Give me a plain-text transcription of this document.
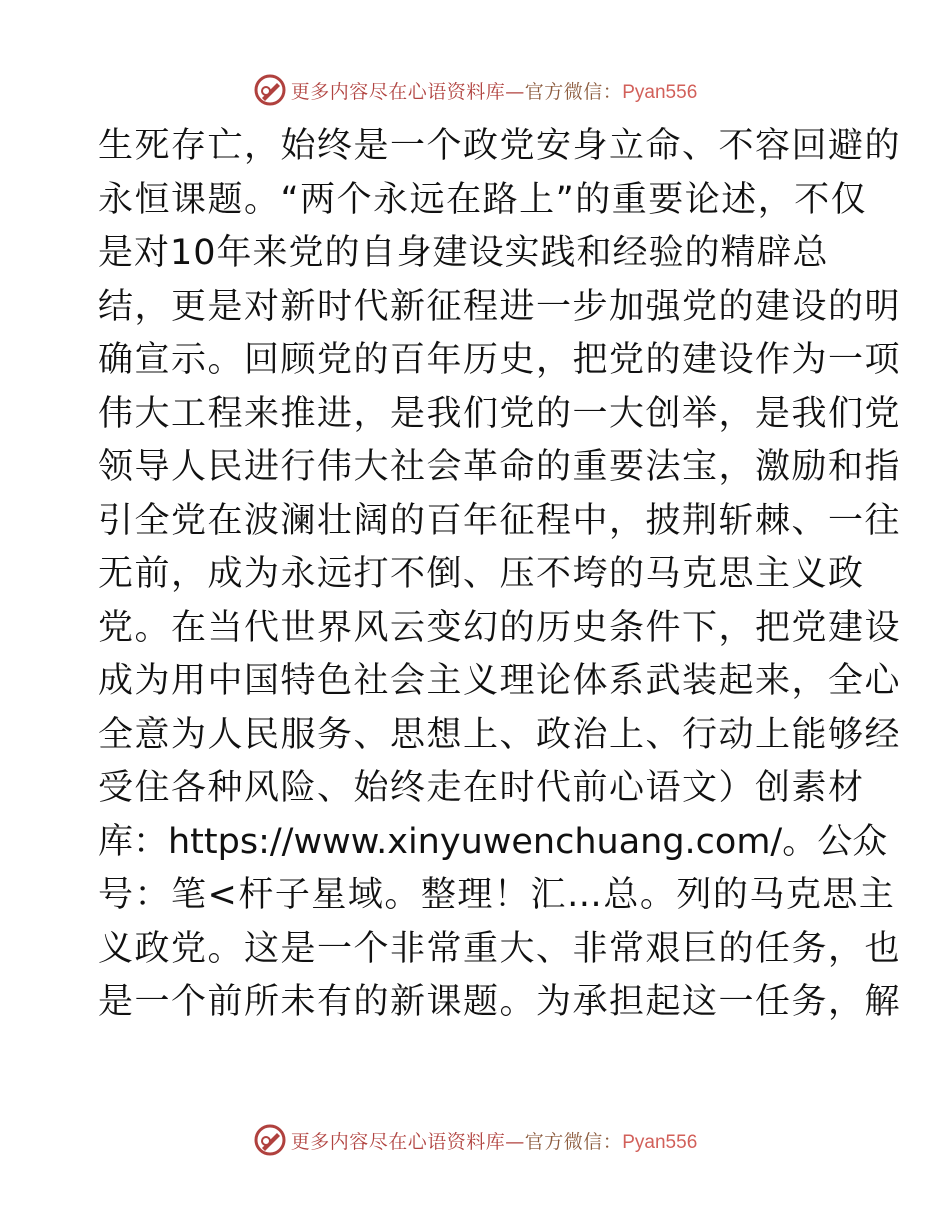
更多内容尽在心语资料库—官方微信：Pyan556
生死存亡，始终是一个政党安身立命、不容回避的
永恒课题。“两个永远在路上”的重要论述，不仅
是对10年来党的自身建设实践和经验的精辟总
结，更是对新时代新征程进一步加强党的建设的明
确宣示。回顾党的百年历史，把党的建设作为一项
伟大工程来推进，是我们党的一大创举，是我们党
领导人民进行伟大社会革命的重要法宝，激励和指
引全党在波澜壮阔的百年征程中，披荆斩棘、一往
无前，成为永远打不倒、压不垮的马克思主义政
党。在当代世界风云变幻的历史条件下，把党建设
成为用中国特色社会主义理论体系武装起来，全心
全意为人民服务、思想上、政治上、行动上能够经
受住各种风险、始终走在时代前心语文）创素材
库：https://www.xinyuwenchuang.com/。公众
号：笔<杆子星域。整理！汇…总。列的马克思主
义政党。这是一个非常重大、非常艰巨的任务，也
是一个前所未有的新课题。为承担起这一任务，解
更多内容尽在心语资料库—官方微信：Pyan556
